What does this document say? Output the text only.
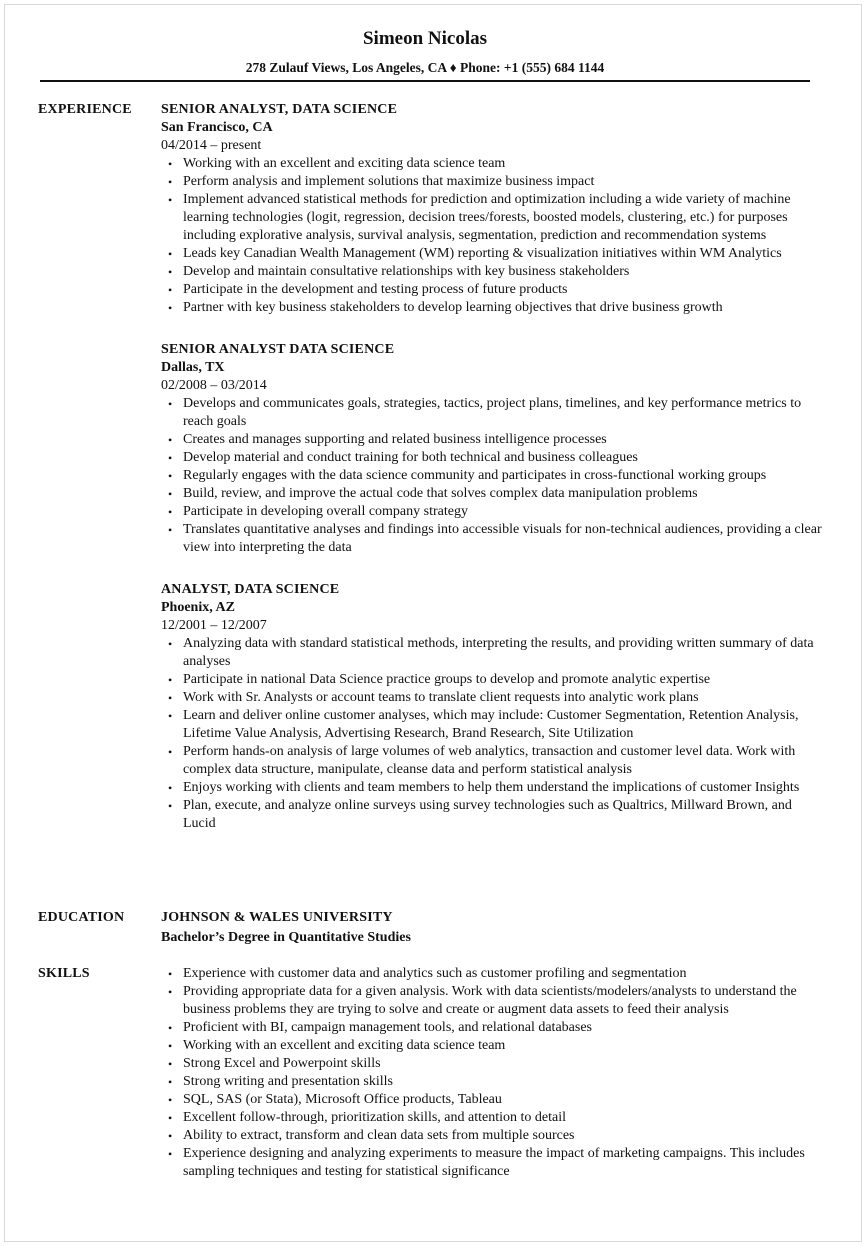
Simeon Nicolas
278 Zulauf Views, Los Angeles, CA ♦ Phone: +1 (555) 684 1144
EXPERIENCE SENIOR ANALYST, DATA SCIENCE
San Francisco, CA
04/2014 – present
• Working with an excellent and exciting data science team
• Perform analysis and implement solutions that maximize business impact
• Implement advanced statistical methods for prediction and optimization including a wide variety of machine learning technologies (logit, regression, decision trees/forests, boosted models, clustering, etc.) for purposes including explorative analysis, survival analysis, segmentation, prediction and recommendation systems
• Leads key Canadian Wealth Management (WM) reporting & visualization initiatives within WM Analytics
• Develop and maintain consultative relationships with key business stakeholders
• Participate in the development and testing process of future products
• Partner with key business stakeholders to develop learning objectives that drive business growth
SENIOR ANALYST DATA SCIENCE
Dallas, TX
02/2008 – 03/2014
• Develops and communicates goals, strategies, tactics, project plans, timelines, and key performance metrics to reach goals
• Creates and manages supporting and related business intelligence processes
• Develop material and conduct training for both technical and business colleagues
• Regularly engages with the data science community and participates in cross-functional working groups
• Build, review, and improve the actual code that solves complex data manipulation problems
• Participate in developing overall company strategy
• Translates quantitative analyses and findings into accessible visuals for non-technical audiences, providing a clear view into interpreting the data
ANALYST, DATA SCIENCE
Phoenix, AZ
12/2001 – 12/2007
• Analyzing data with standard statistical methods, interpreting the results, and providing written summary of data analyses
• Participate in national Data Science practice groups to develop and promote analytic expertise
• Work with Sr. Analysts or account teams to translate client requests into analytic work plans
• Learn and deliver online customer analyses, which may include: Customer Segmentation, Retention Analysis, Lifetime Value Analysis, Advertising Research, Brand Research, Site Utilization
• Perform hands-on analysis of large volumes of web analytics, transaction and customer level data. Work with complex data structure, manipulate, cleanse data and perform statistical analysis
• Enjoys working with clients and team members to help them understand the implications of customer Insights
• Plan, execute, and analyze online surveys using survey technologies such as Qualtrics, Millward Brown, and Lucid
EDUCATION	JOHNSON & WALES UNIVERSITY
Bachelor’s Degree in Quantitative Studies
SKILLS
•	Experience with customer data and analytics such as customer profiling and segmentation
• Providing appropriate data for a given analysis. Work with data scientists/modelers/analysts to understand the business problems they are trying to solve and create or augment data assets to feed their analysis
• Proficient with BI, campaign management tools, and relational databases
• Working with an excellent and exciting data science team
• Strong Excel and Powerpoint skills
• Strong writing and presentation skills
• SQL, SAS (or Stata), Microsoft Office products, Tableau
• Excellent follow-through, prioritization skills, and attention to detail
• Ability to extract, transform and clean data sets from multiple sources
• Experience designing and analyzing experiments to measure the impact of marketing campaigns. This includes sampling techniques and testing for statistical significance
